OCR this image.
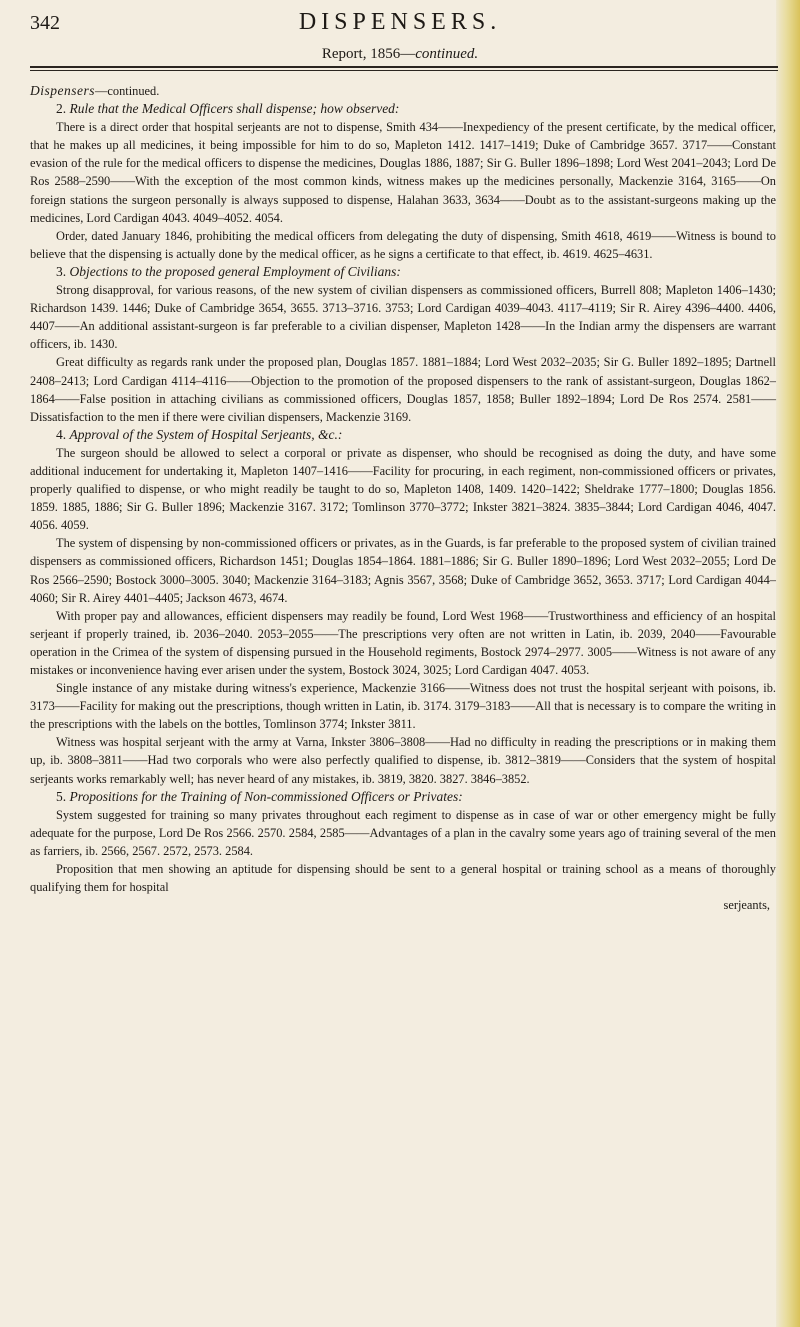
342	DISPENSERS.
Report, 1856—continued.

Dispensers—continued.

2. Rule that the Medical Officers shall dispense; how observed:

There is a direct order that hospital serjeants are not to dispense, Smith 434——Inexpediency of the present certificate, by the medical officer, that he makes up all medicines, it being impossible for him to do so, Mapleton 1412. 1417–1419; Duke of Cambridge 3657. 3717——Constant evasion of the rule for the medical officers to dispense the medicines, Douglas 1886, 1887; Sir G. Buller 1896–1898; Lord West 2041–2043; Lord De Ros 2588–2590——With the exception of the most common kinds, witness makes up the medicines personally, Mackenzie 3164, 3165——On foreign stations the surgeon personally is always supposed to dispense, Halahan 3633, 3634——Doubt as to the assistant-surgeons making up the medicines, Lord Cardigan 4043. 4049–4052. 4054.

Order, dated January 1846, prohibiting the medical officers from delegating the duty of dispensing, Smith 4618, 4619——Witness is bound to believe that the dispensing is actually done by the medical officer, as he signs a certificate to that effect, ib. 4619. 4625–4631.

3. Objections to the proposed general Employment of Civilians:

Strong disapproval, for various reasons, of the new system of civilian dispensers as commissioned officers, Burrell 808; Mapleton 1406–1430; Richardson 1439. 1446; Duke of Cambridge 3654, 3655. 3713–3716. 3753; Lord Cardigan 4039–4043. 4117–4119; Sir R. Airey 4396–4400. 4406, 4407——An additional assistant-surgeon is far preferable to a civilian dispenser, Mapleton 1428——In the Indian army the dispensers are warrant officers, ib. 1430.

Great difficulty as regards rank under the proposed plan, Douglas 1857. 1881–1884; Lord West 2032–2035; Sir G. Buller 1892–1895; Dartnell 2408–2413; Lord Cardigan 4114–4116——Objection to the promotion of the proposed dispensers to the rank of assistant-surgeon, Douglas 1862–1864——False position in attaching civilians as commissioned officers, Douglas 1857, 1858; Buller 1892–1894; Lord De Ros 2574. 2581——Dissatisfaction to the men if there were civilian dispensers, Mackenzie 3169.

4. Approval of the System of Hospital Serjeants, &c.:

The surgeon should be allowed to select a corporal or private as dispenser, who should be recognised as doing the duty, and have some additional inducement for undertaking it, Mapleton 1407–1416——Facility for procuring, in each regiment, non-commissioned officers or privates, properly qualified to dispense, or who might readily be taught to do so, Mapleton 1408, 1409. 1420–1422; Sheldrake 1777–1800; Douglas 1856. 1859. 1885, 1886; Sir G. Buller 1896; Mackenzie 3167. 3172; Tomlinson 3770–3772; Inkster 3821–3824. 3835–3844; Lord Cardigan 4046, 4047. 4056. 4059.

The system of dispensing by non-commissioned officers or privates, as in the Guards, is far preferable to the proposed system of civilian trained dispensers as commissioned officers, Richardson 1451; Douglas 1854–1864. 1881–1886; Sir G. Buller 1890–1896; Lord West 2032–2055; Lord De Ros 2566–2590; Bostock 3000–3005. 3040; Mackenzie 3164–3183; Agnis 3567, 3568; Duke of Cambridge 3652, 3653. 3717; Lord Cardigan 4044–4060; Sir R. Airey 4401–4405; Jackson 4673, 4674.

With proper pay and allowances, efficient dispensers may readily be found, Lord West 1968——Trustworthiness and efficiency of an hospital serjeant if properly trained, ib. 2036–2040. 2053–2055——The prescriptions very often are not written in Latin, ib. 2039, 2040——Favourable operation in the Crimea of the system of dispensing pursued in the Household regiments, Bostock 2974–2977. 3005——Witness is not aware of any mistakes or inconvenience having ever arisen under the system, Bostock 3024, 3025; Lord Cardigan 4047. 4053.

Single instance of any mistake during witness's experience, Mackenzie 3166——Witness does not trust the hospital serjeant with poisons, ib. 3173——Facility for making out the prescriptions, though written in Latin, ib. 3174. 3179–3183——All that is necessary is to compare the writing in the prescriptions with the labels on the bottles, Tomlinson 3774; Inkster 3811.

Witness was hospital serjeant with the army at Varna, Inkster 3806–3808——Had no difficulty in reading the prescriptions or in making them up, ib. 3808–3811——Had two corporals who were also perfectly qualified to dispense, ib. 3812–3819——Considers that the system of hospital serjeants works remarkably well; has never heard of any mistakes, ib. 3819, 3820. 3827. 3846–3852.

5. Propositions for the Training of Non-commissioned Officers or Privates:

System suggested for training so many privates throughout each regiment to dispense as in case of war or other emergency might be fully adequate for the purpose, Lord De Ros 2566. 2570. 2584, 2585——Advantages of a plan in the cavalry some years ago of training several of the men as farriers, ib. 2566, 2567. 2572, 2573. 2584.

Proposition that men showing an aptitude for dispensing should be sent to a general hospital or training school as a means of thoroughly qualifying them for hospital

serjeants,
